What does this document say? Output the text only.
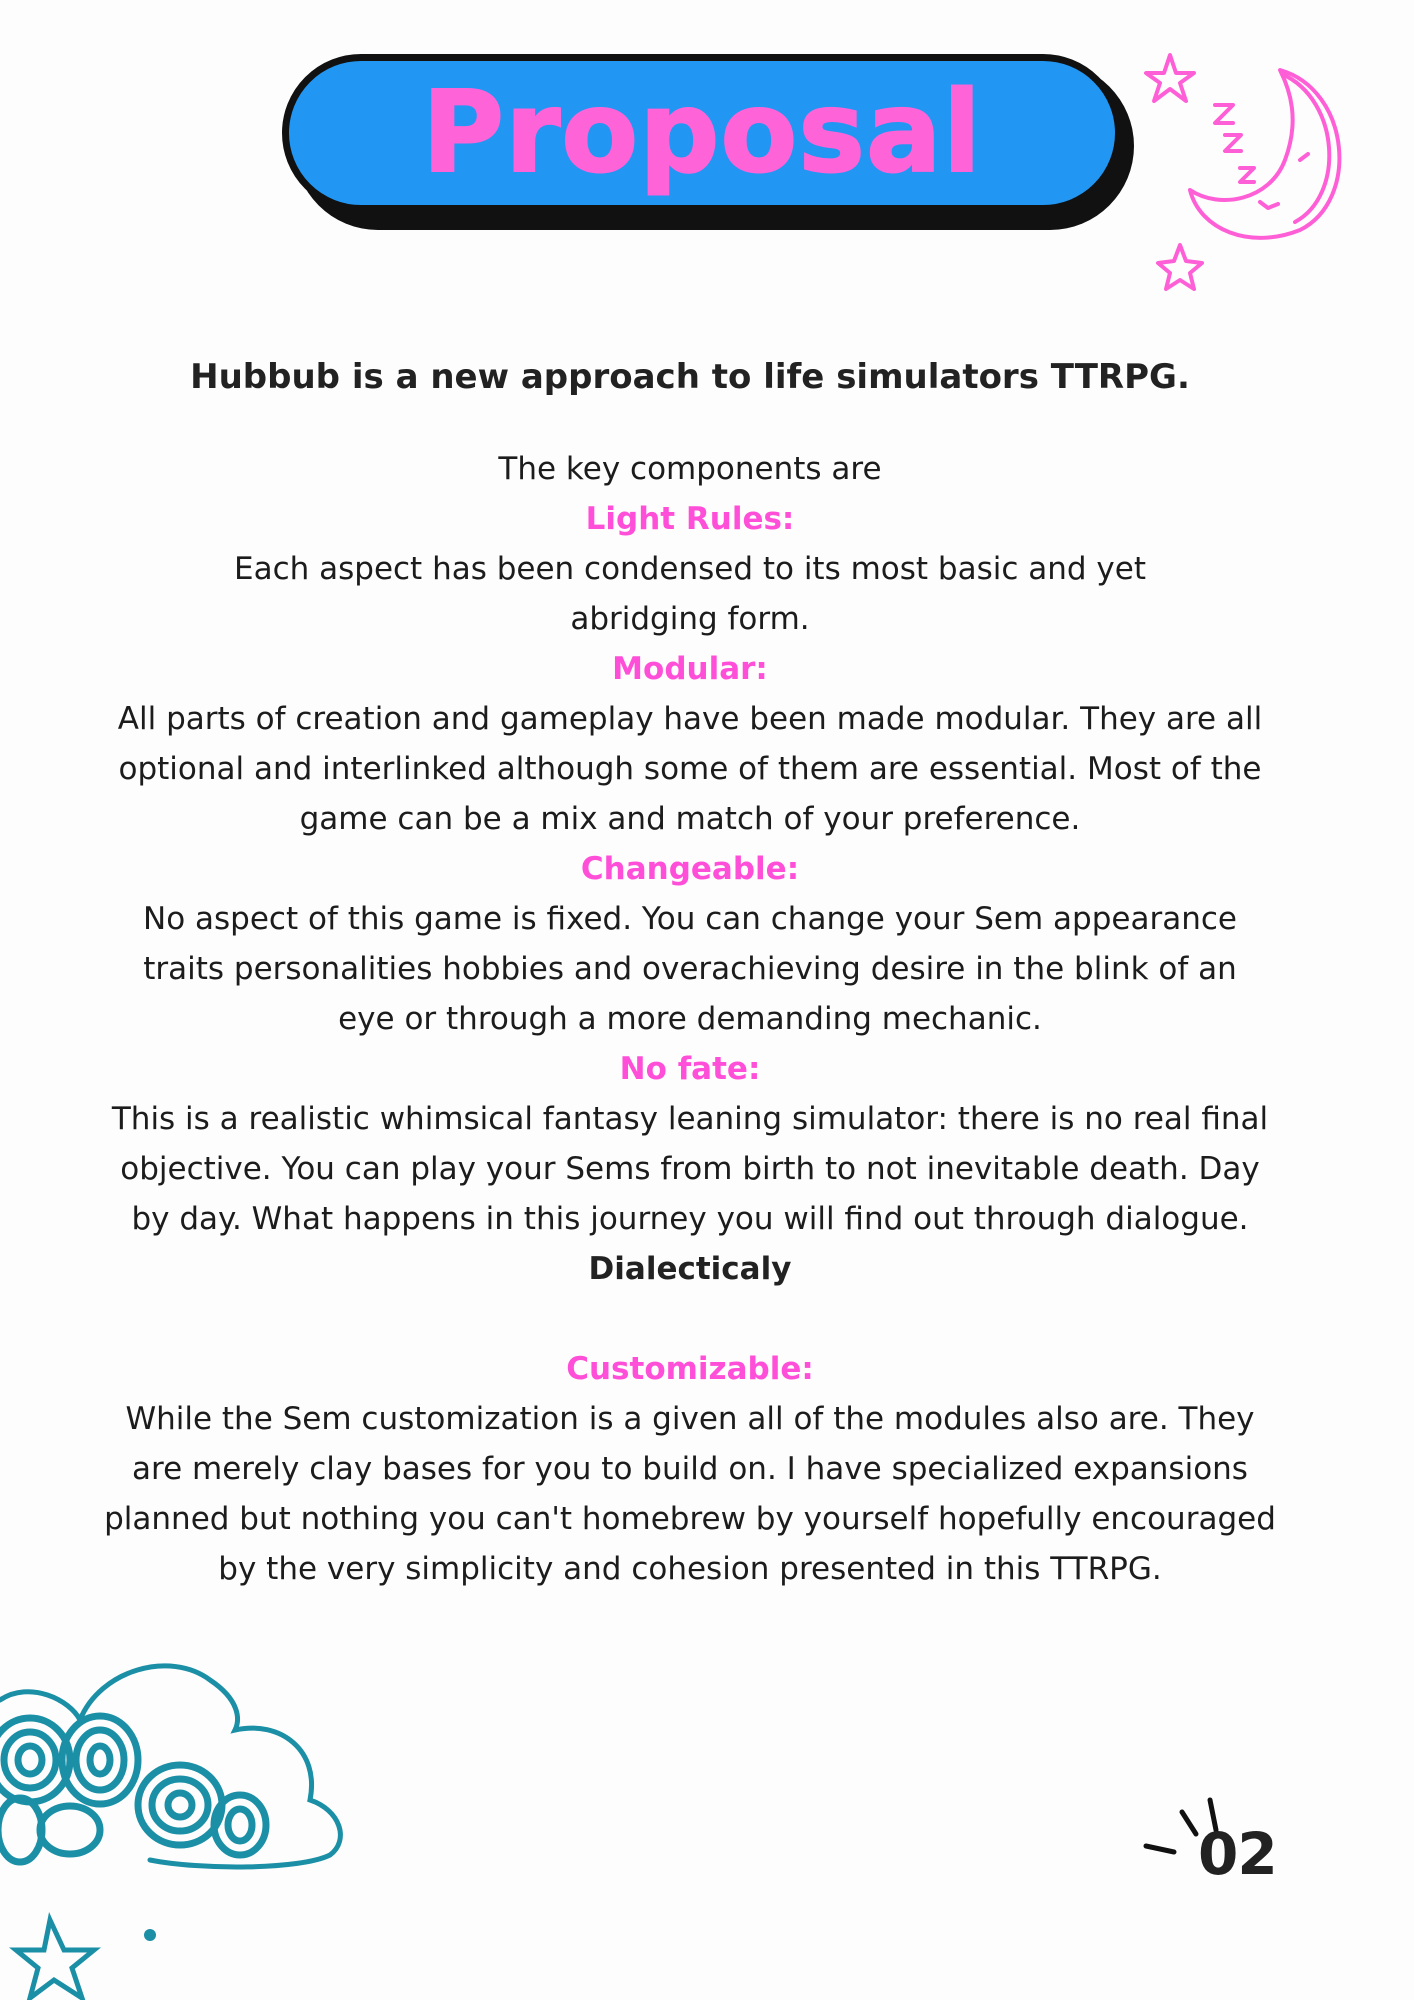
Proposal
Hubbub is a new approach to life simulators TTRPG.
The key components are
Light Rules:
Each aspect has been condensed to its most basic and yet abridging form.
Modular:
All parts of creation and gameplay have been made modular. They are all optional and interlinked although some of them are essential. Most of the game can be a mix and match of your preference.
Changeable:
No aspect of this game is fixed. You can change your Sem appearance traits personalities hobbies and overachieving desire in the blink of an eye or through a more demanding mechanic.
No fate:
This is a realistic whimsical fantasy leaning simulator: there is no real final objective. You can play your Sems from birth to not inevitable death. Day by day. What happens in this journey you will find out through dialogue.
Dialecticaly
Customizable:
While the Sem customization is a given all of the modules also are. They are merely clay bases for you to build on. I have specialized expansions planned but nothing you can't homebrew by yourself hopefully encouraged by the very simplicity and cohesion presented in this TTRPG.
02
